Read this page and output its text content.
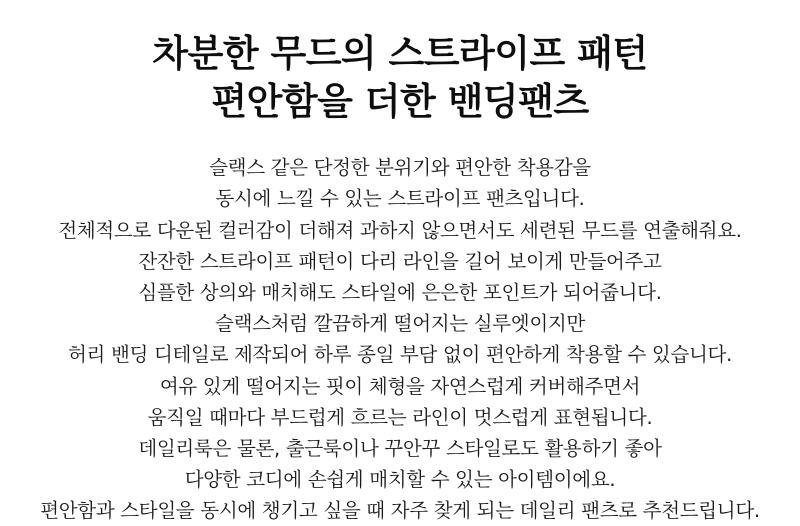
차분한 무드의 스트라이프 패턴
편안함을 더한 밴딩팬츠
슬랙스 같은 단정한 분위기와 편안한 착용감을
동시에 느낄 수 있는 스트라이프 팬츠입니다.
전체적으로 다운된 컬러감이 더해져 과하지 않으면서도 세련된 무드를 연출해줘요.
잔잔한 스트라이프 패턴이 다리 라인을 길어 보이게 만들어주고
심플한 상의와 매치해도 스타일에 은은한 포인트가 되어줍니다.
슬랙스처럼 깔끔하게 떨어지는 실루엣이지만
허리 밴딩 디테일로 제작되어 하루 종일 부담 없이 편안하게 착용할 수 있습니다.
여유 있게 떨어지는 핏이 체형을 자연스럽게 커버해주면서
움직일 때마다 부드럽게 흐르는 라인이 멋스럽게 표현됩니다.
데일리룩은 물론, 출근룩이나 꾸안꾸 스타일로도 활용하기 좋아
다양한 코디에 손쉽게 매치할 수 있는 아이템이에요.
편안함과 스타일을 동시에 챙기고 싶을 때 자주 찾게 되는 데일리 팬츠로 추천드립니다.
